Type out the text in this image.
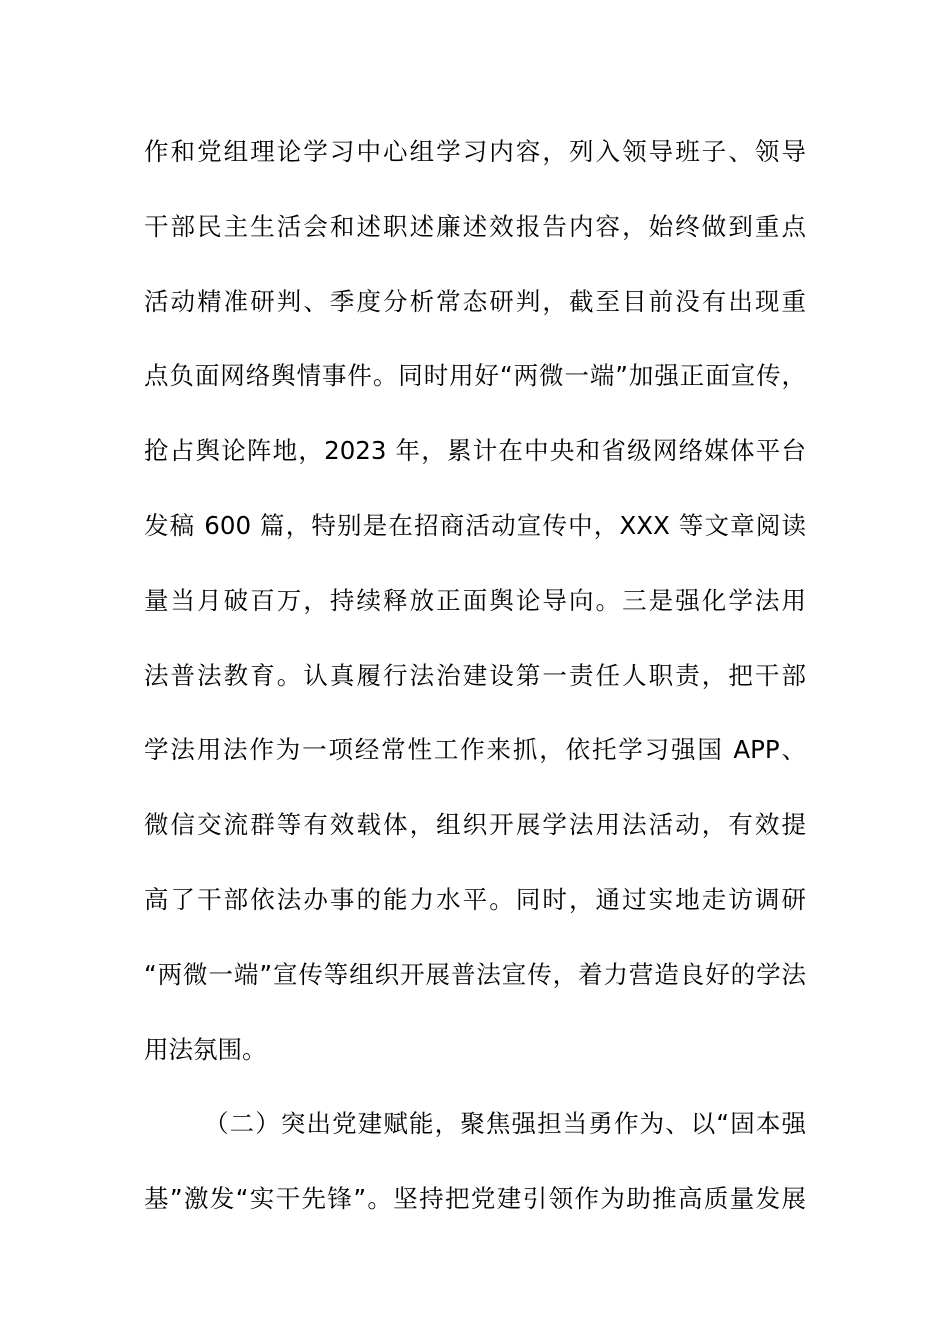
作和党组理论学习中心组学习内容，列入领导班子、领导
干部民主生活会和述职述廉述效报告内容，始终做到重点
活动精准研判、季度分析常态研判，截至目前没有出现重
点负面网络舆情事件。同时用好“两微一端”加强正面宣传，
抢占舆论阵地，2023 年，累计在中央和省级网络媒体平台
发稿 600 篇，特别是在招商活动宣传中，XXX 等文章阅读
量当月破百万，持续释放正面舆论导向。三是强化学法用
法普法教育。认真履行法治建设第一责任人职责，把干部
学法用法作为一项经常性工作来抓，依托学习强国 APP、
微信交流群等有效载体，组织开展学法用法活动，有效提
高了干部依法办事的能力水平。同时，通过实地走访调研
“两微一端”宣传等组织开展普法宣传，着力营造良好的学法
用法氛围。
（二）突出党建赋能，聚焦强担当勇作为、以“固本强
基”激发“实干先锋”。坚持把党建引领作为助推高质量发展
